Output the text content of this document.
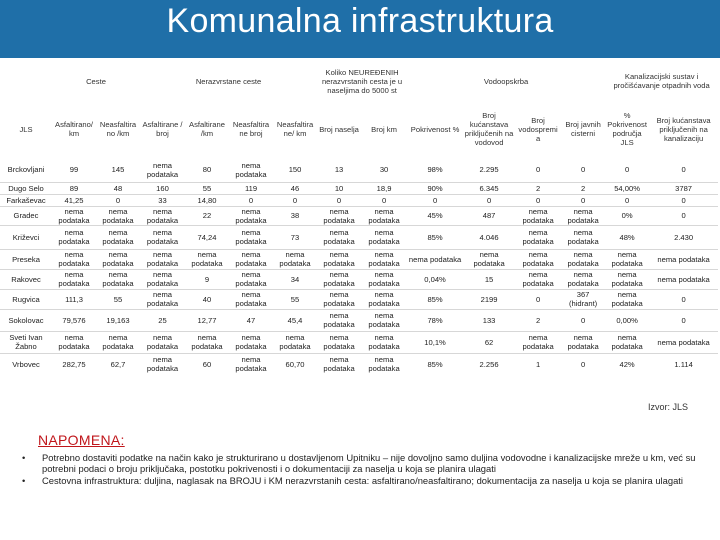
Komunalna infrastruktura
	Ceste		Nerazvrstane ceste				Koliko NEUREĐENIH nerazvrstanih cesta je u naseljima do 5000 st		Vodoopskrba				Kanalizacijski sustav i pročišćavanje otpadnih voda	
JLS	Asfaltirano/ km	Neasfaltira no /km	Asfaltirane / broj	Asfaltirane /km	Neasfaltira ne broj	Neasfaltira ne/ km	Broj naselja	Broj km	Pokrivenost %	Broj kućanstava priključenih na vodovod	Broj vodospremi a	Broj javnih cisterni	% Pokrivenost područja JLS	Broj kućanstava priključenih na kanalizaciju
Brckovljani	99	145	nema podataka	80	nema podataka	150	13	30	98%	2.295	0	0	0	0
Dugo Selo	89	48	160	55	119	46	10	18,9	90%	6.345	2	2	54,00%	3787
Farkaševac	41,25	0	33	14,80	0	0	0	0	0	0	0	0	0	0
Gradec	nema podataka	nema podataka	nema podataka	22	nema podataka	38	nema podataka	nema podataka	45%	487	nema podataka	nema podataka	0%	0
Križevci	nema podataka	nema podataka	nema podataka	74,24	nema podataka	73	nema podataka	nema podataka	85%	4.046	nema podataka	nema podataka	48%	2.430
Preseka	nema podataka	nema podataka	nema podataka	nema podataka	nema podataka	nema podataka	nema podataka	nema podataka	nema podataka	nema podataka	nema podataka	nema podataka	nema podataka	nema podataka
Rakovec	nema podataka	nema podataka	nema podataka	9	nema podataka	34	nema podataka	nema podataka	0,04%	15	nema podataka	nema podataka	nema podataka	nema podataka
Rugvica	111,3	55	nema podataka	40	nema podataka	55	nema podataka	nema podataka	85%	2199	0	367 (hidrant)	nema podataka	0
Sokolovac	79,576	19,163	25	12,77	47	45,4	nema podataka	nema podataka	78%	133	2	0	0,00%	0
Sveti Ivan Žabno	nema podataka	nema podataka	nema podataka	nema podataka	nema podataka	nema podataka	nema podataka	nema podataka	10,1%	62	nema podataka	nema podataka	nema podataka	nema podataka
Vrbovec	282,75	62,7	nema podataka	60	nema podataka	60,70	nema podataka	nema podataka	85%	2.256	1	0	42%	1.114
Izvor: JLS
NAPOMENA:
• Potrebno dostaviti podatke na način kako je strukturirano u dostavljenom Upitniku – nije dovoljno samo duljina vodovodne i kanalizacijske mreže u km, već su potrebni podaci o broju priključaka, postotku pokrivenosti i o dokumentaciji za naselja u koja se planira ulagati
• Cestovna infrastruktura: duljina, naglasak na BROJU i KM nerazvrstanih cesta: asfaltirano/neasfaltirano; dokumentacija za naselja u koja se planira ulagati
